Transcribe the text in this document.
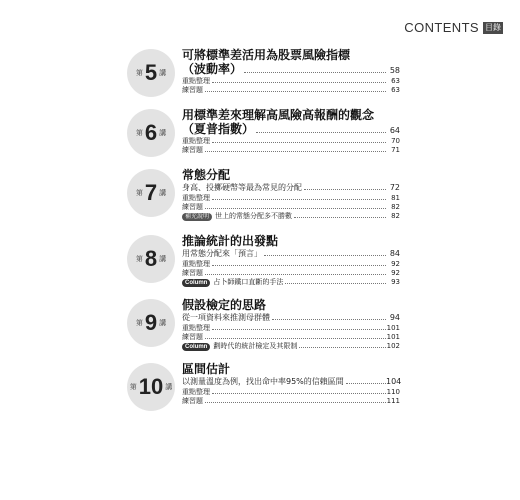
CONTENTS 目錄
第 5 講
可將標準差活用為股票風險指標
（波動率）	58
重點整理	63
練習題	63
第 6 講
用標準差來理解高風險高報酬的觀念
（夏普指數）	64
重點整理	70
練習題	71
第 7 講
常態分配
身高、投擲硬幣等最為常見的分配	72
重點整理	81
練習題	82
補充說明 世上的常態分配多不勝數	82
第 8 講
推論統計的出發點
用常態分配來「預言」	84
重點整理	92
練習題	92
Column 占卜師鐵口直斷的手法	93
第 9 講
假設檢定的思路
從一項資料來推測母群體	94
重點整理	101
練習題	101
Column 劃時代的統計檢定及其限制	102
第 10 講
區間估計
以測量溫度為例，找出命中率95%的信賴區間	104
重點整理	110
練習題	111
